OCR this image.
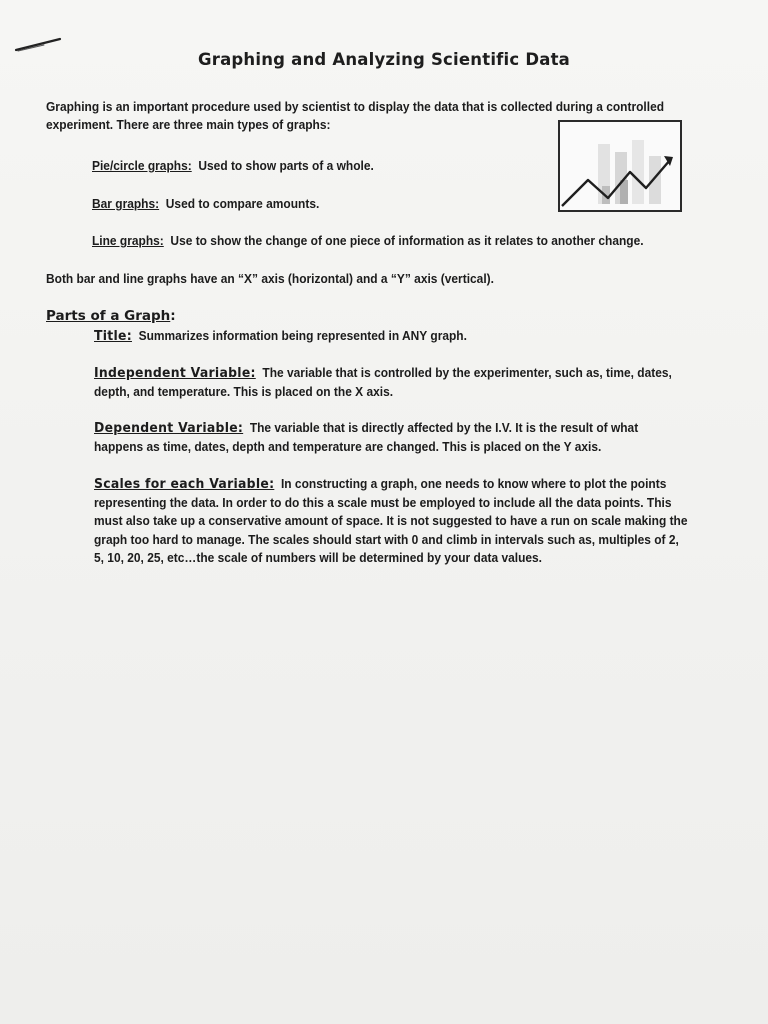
Graphing and Analyzing Scientific Data
Graphing is an important procedure used by scientist to display the data that is collected during a controlled
experiment. There are three main types of graphs:
Pie/circle graphs: Used to show parts of a whole.
Bar graphs: Used to compare amounts.
Line graphs: Use to show the change of one piece of information as it relates to another change.
Both bar and line graphs have an “X” axis (horizontal) and a “Y” axis (vertical).
Parts of a Graph:
Title: Summarizes information being represented in ANY graph.
Independent Variable: The variable that is controlled by the experimenter, such as, time, dates,
depth, and temperature. This is placed on the X axis.
Dependent Variable: The variable that is directly affected by the I.V. It is the result of what
happens as time, dates, depth and temperature are changed. This is placed on the Y axis.
Scales for each Variable: In constructing a graph, one needs to know where to plot the points
representing the data. In order to do this a scale must be employed to include all the data points. This
must also take up a conservative amount of space. It is not suggested to have a run on scale making the
graph too hard to manage. The scales should start with 0 and climb in intervals such as, multiples of 2,
5, 10, 20, 25, etc…the scale of numbers will be determined by your data values.
